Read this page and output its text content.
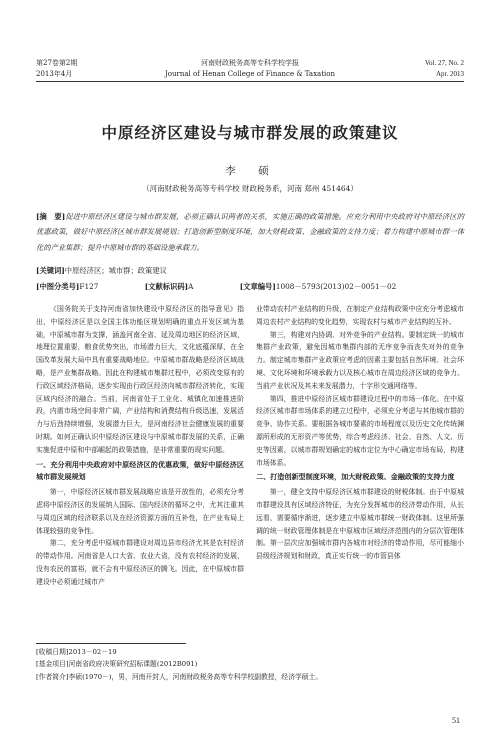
第27卷第2期
2013年4月
河南财政税务高等专科学校学报
Journal of Henan College of Finance & Taxation
Vol. 27, No. 2
Apr. 2013
中原经济区建设与城市群发展的政策建议
李　硕
（河南财政税务高等专科学校 财政税务系，河南 郑州 451464）
[摘　要]促进中原经济区建设与城市群发展，必须正确认识两者的关系，实施正确的政策措施。应充分利用中央政府对中原经济区的优惠政策，做好中原经济区城市群发展规划；打造创新型制度环境，加大财税政策、金融政策的支持力度；着力构建中原城市群一体化的产业集群；提升中原城市群的基础设施承载力。
[关键词]中原经济区；城市群；政策建议
[中图分类号]F127	[文献标识码]A	[文章编号]1008－5793(2013)02－0051－02

《国务院关于支持河南省加快建设中原经济区的指导意见》指出，中原经济区是以全国主体功能区规划明确的重点开发区域为基础，中原城市群为支撑，涵盖河南全省、延及周边地区的经济区域，地理位置重要，粮食优势突出，市场潜力巨大，文化底蕴深厚，在全国改革发展大局中具有重要战略地位。中原城市群战略是经济区域战略，是产业集群战略。因此在构建城市集群过程中，必须改变原有的行政区域经济格局，逐步实现由行政区经济向城市群经济转化，实现区域内经济的融合。当前，河南省处于工业化、城镇化加速推进阶段，内需市场空间非常广阔，产业结构和消费结构升级迅速，发展活力与后劲持续增强，发展潜力巨大，是河南经济社会健康发展的重要时期。如何正确认识中原经济区建设与中原城市群发展的关系，正确实施促进中原和中部崛起的政策措施，是非常重要的现实问题。

一、充分利用中央政府对中原经济区的优惠政策，做好中原经济区城市群发展规划

第一，中原经济区城市群发展战略应该是开放性的，必须充分考虑将中原经济区的发展纳入国际、国内经济的循环之中，尤其注重其与周边区域的经济联系以及在经济资源方面的互补性，在产业布局上体现较强的竞争性。

第二，充分考虑中原城市群建设对周边县市经济尤其是农村经济的带动作用。河南省是人口大省、农业大省，没有农村经济的发展，没有农民的富裕，就不会有中原经济区的腾飞。因此，在中原城市群建设中必须通过城市产

业带动农村产业结构的升级，在制定产业结构政策中应充分考虑城市周边农村产业结构的变化趋势，实现农村与城市产业结构的互补。

第三，构建对内协调、对外竞争的产业结构。要制定统一的城市集群产业政策，避免因城市集群内部的无序竞争而丧失对外的竞争力。制定城市集群产业政策应考虑的因素主要包括自然环境、社会环境、文化环境和环境承载力以及核心城市在周边经济区域的竞争力。当前产业状况及其未来发展潜力，十字形交通网络等。

第四，推进中原经济区城市群建设过程中的市场一体化。在中原经济区城市群市场体系的建立过程中，必须充分考虑与其他城市群的竞争、协作关系。要根据各城市要素的市场程度以及历史文化传统渊源所形成的无形资产等优势，综合考虑经济、社会、自然、人文、历史等因素，以城市群规划确定的城市定位为中心确定市场布局，构建市场体系。

二、打造创新型制度环境，加大财税政策、金融政策的支持力度

第一，健全支持中原经济区城市群建设的财税体制。由于中原城市群建设具有区域经济特征，为充分发挥城市的经济带动作用，从长远看，需要循序渐进，逐步建立中原城市群统一财政体制。这里所强调的统一财政管理体制是在中原城市区域经济范围内的分层次管理体制。第一层次应加强城市群内各城市对经济的带动作用，尽可能缩小县级经济规划和财政，真正实行统一的市管县体

[收稿日期]2013－02－19
[基金项目]河南省政府决策研究招标课题(2012B091)
[作者简介]李硕(1970－)，男，河南开封人，河南财政税务高等专科学校副教授，经济学硕士。
51
